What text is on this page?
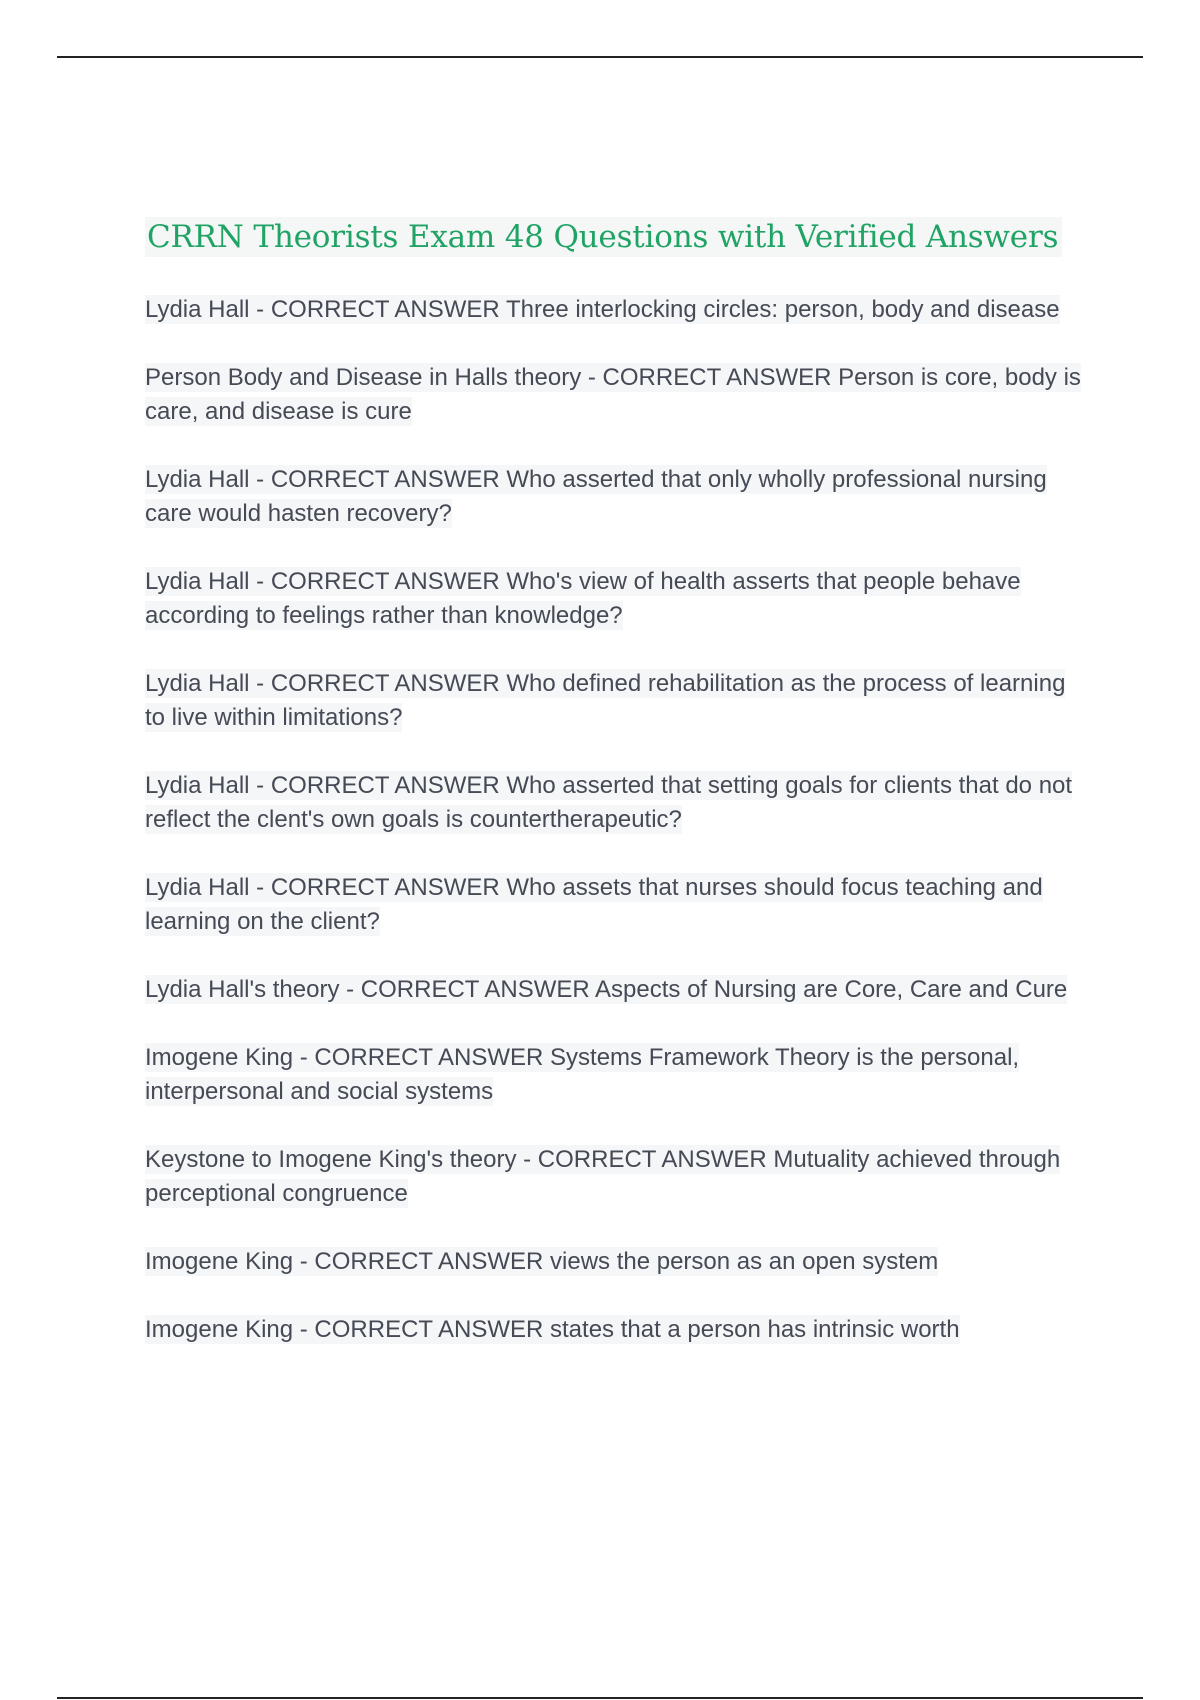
CRRN Theorists Exam 48 Questions with Verified Answers
Lydia Hall - CORRECT ANSWER Three interlocking circles: person, body and disease
Person Body and Disease in Halls theory - CORRECT ANSWER Person is core, body is care, and disease is cure
Lydia Hall - CORRECT ANSWER Who asserted that only wholly professional nursing care would hasten recovery?
Lydia Hall - CORRECT ANSWER Who's view of health asserts that people behave according to feelings rather than knowledge?
Lydia Hall - CORRECT ANSWER Who defined rehabilitation as the process of learning to live within limitations?
Lydia Hall - CORRECT ANSWER Who asserted that setting goals for clients that do not reflect the clent's own goals is countertherapeutic?
Lydia Hall - CORRECT ANSWER Who assets that nurses should focus teaching and learning on the client?
Lydia Hall's theory - CORRECT ANSWER Aspects of Nursing are Core, Care and Cure
Imogene King - CORRECT ANSWER Systems Framework Theory is the personal, interpersonal and social systems
Keystone to Imogene King's theory - CORRECT ANSWER Mutuality achieved through perceptional congruence
Imogene King - CORRECT ANSWER views the person as an open system
Imogene King - CORRECT ANSWER states that a person has intrinsic worth
